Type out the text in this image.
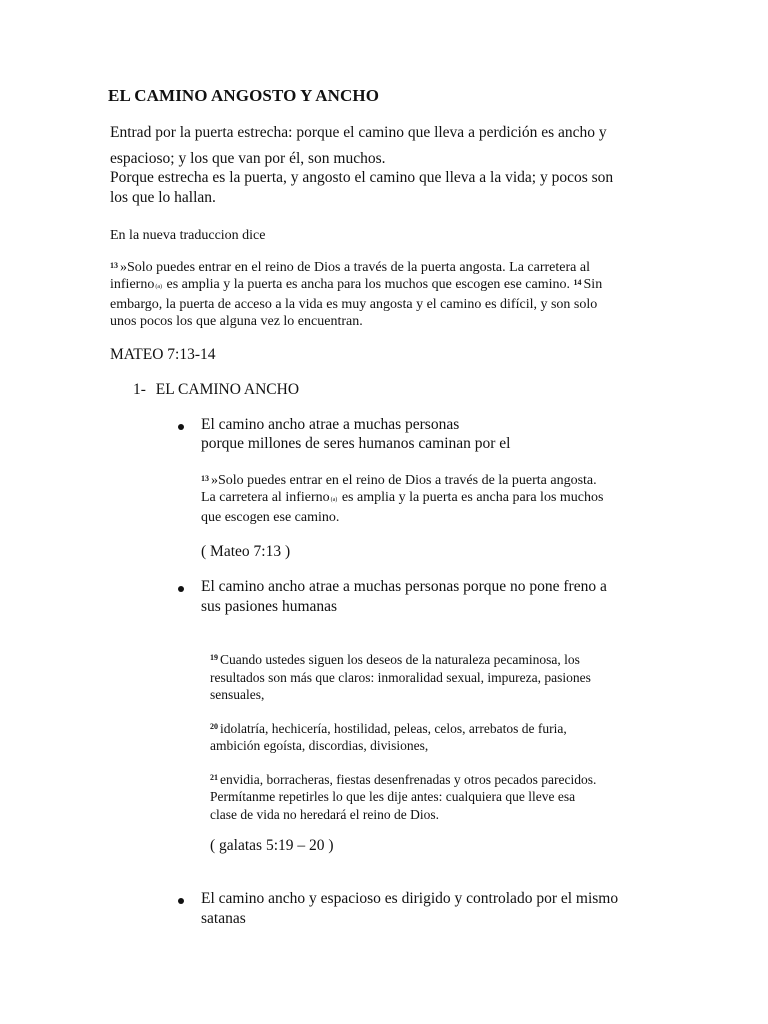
EL CAMINO ANGOSTO Y ANCHO
Entrad por la puerta estrecha: porque el camino que lleva a perdición es ancho y
espacioso; y los que van por él, son muchos.
Porque estrecha es la puerta, y angosto el camino que lleva a la vida; y pocos son
los que lo hallan.
En la nueva traduccion dice
$^{13}$ »Solo puedes entrar en el reino de Dios a través de la puerta angosta. La carretera al
infierno(a) es amplia y la puerta es ancha para los muchos que escogen ese camino. $^{14}$ Sin
embargo, la puerta de acceso a la vida es muy angosta y el camino es difícil, y son solo
unos pocos los que alguna vez lo encuentran.
MATEO 7:13-14
1- EL CAMINO ANCHO
El camino ancho atrae a muchas personas
porque millones de seres humanos caminan por el
$^{13}$ »Solo puedes entrar en el reino de Dios a través de la puerta angosta.
La carretera al infierno(a) es amplia y la puerta es ancha para los muchos
que escogen ese camino.
( Mateo 7:13 )
El camino ancho atrae a muchas personas porque no pone freno a
sus pasiones humanas
$^{19}$ Cuando ustedes siguen los deseos de la naturaleza pecaminosa, los
resultados son más que claros: inmoralidad sexual, impureza, pasiones
sensuales,
$^{20}$ idolatría, hechicería, hostilidad, peleas, celos, arrebatos de furia,
ambición egoísta, discordias, divisiones,
$^{21}$ envidia, borracheras, fiestas desenfrenadas y otros pecados parecidos.
Permítanme repetirles lo que les dije antes: cualquiera que lleve esa
clase de vida no heredará el reino de Dios.
( galatas 5:19 – 20 )
El camino ancho y espacioso es dirigido y controlado por el mismo
satanas
